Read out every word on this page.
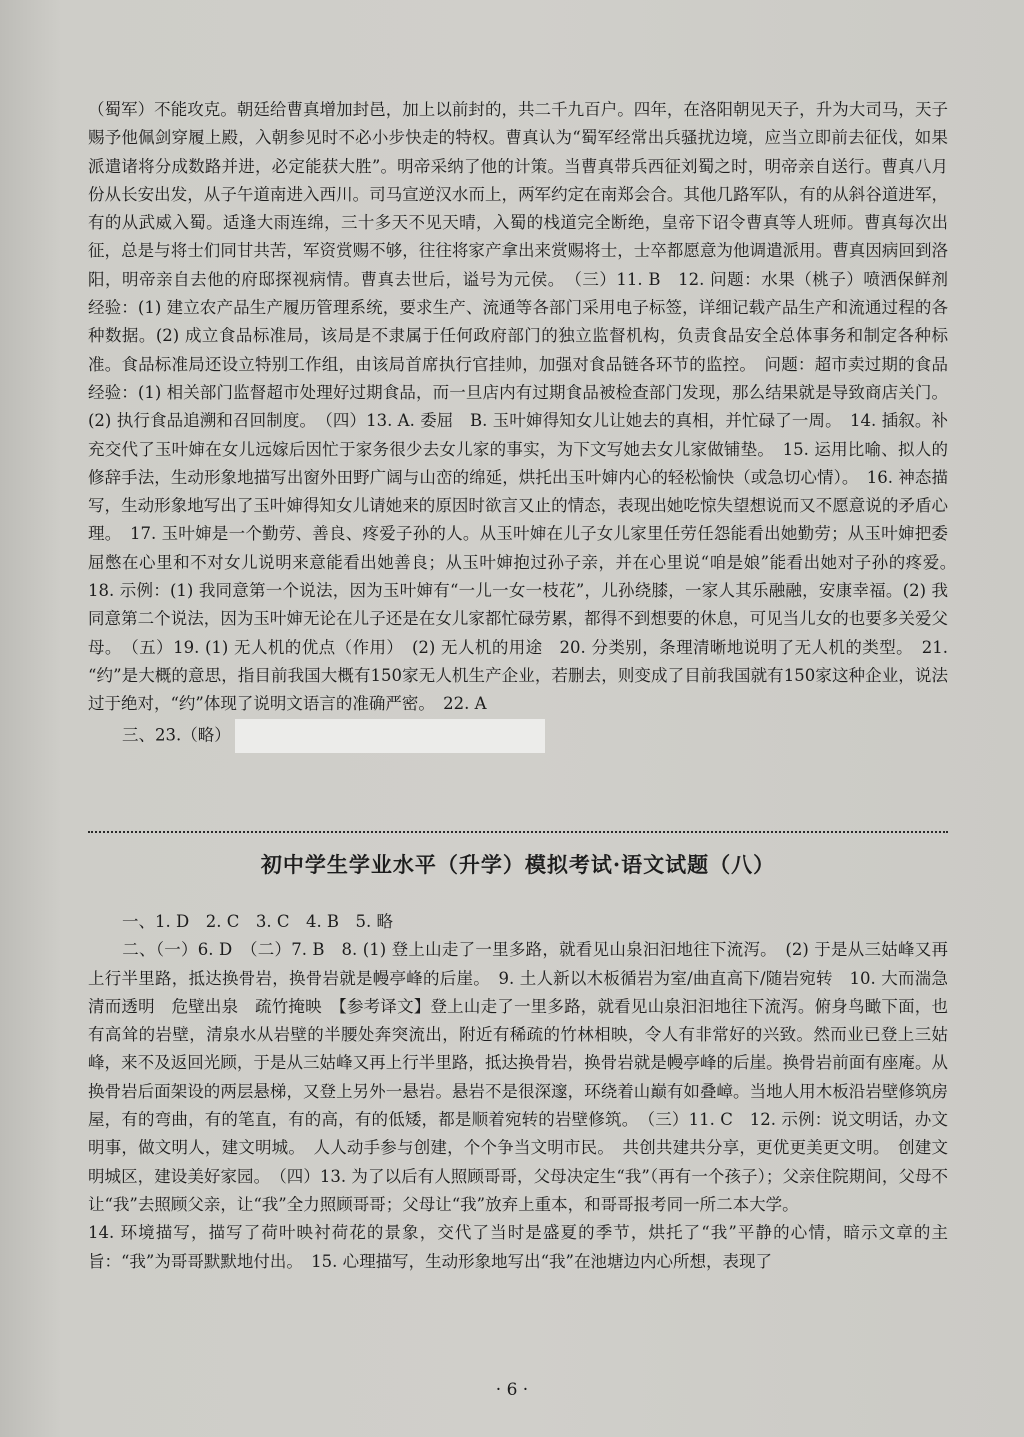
（蜀军）不能攻克。朝廷给曹真增加封邑，加上以前封的，共二千九百户。四年，在洛阳朝见天子，升为大司马，天子赐予他佩剑穿履上殿，入朝参见时不必小步快走的特权。曹真认为“蜀军经常出兵骚扰边境，应当立即前去征伐，如果派遣诸将分成数路并进，必定能获大胜”。明帝采纳了他的计策。当曹真带兵西征刘蜀之时，明帝亲自送行。曹真八月份从长安出发，从子午道南进入西川。司马宣逆汉水而上，两军约定在南郑会合。其他几路军队，有的从斜谷道进军，有的从武威入蜀。适逢大雨连绵，三十多天不见天晴，入蜀的栈道完全断绝，皇帝下诏令曹真等人班师。曹真每次出征，总是与将士们同甘共苦，军资赏赐不够，往往将家产拿出来赏赐将士，士卒都愿意为他调遣派用。曹真因病回到洛阳，明帝亲自去他的府邸探视病情。曹真去世后，谥号为元侯。　（三）11. B　12. 问题：水果（桃子）喷洒保鲜剂　经验：(1) 建立农产品生产履历管理系统，要求生产、流通等各部门采用电子标签，详细记载产品生产和流通过程的各种数据。(2) 成立食品标准局，该局是不隶属于任何政府部门的独立监督机构，负责食品安全总体事务和制定各种标准。食品标准局还设立特别工作组，由该局首席执行官挂帅，加强对食品链各环节的监控。　问题：超市卖过期的食品　经验：(1) 相关部门监督超市处理好过期食品，而一旦店内有过期食品被检查部门发现，那么结果就是导致商店关门。(2) 执行食品追溯和召回制度。　（四）13. A. 委屈　B. 玉叶婶得知女儿让她去的真相，并忙碌了一周。　14. 插叙。补充交代了玉叶婶在女儿远嫁后因忙于家务很少去女儿家的事实，为下文写她去女儿家做铺垫。　15. 运用比喻、拟人的修辞手法，生动形象地描写出窗外田野广阔与山峦的绵延，烘托出玉叶婶内心的轻松愉快（或急切心情）。　16. 神态描写，生动形象地写出了玉叶婶得知女儿请她来的原因时欲言又止的情态，表现出她吃惊失望想说而又不愿意说的矛盾心理。　17. 玉叶婶是一个勤劳、善良、疼爱子孙的人。从玉叶婶在儿子女儿家里任劳任怨能看出她勤劳；从玉叶婶把委屈憋在心里和不对女儿说明来意能看出她善良；从玉叶婶抱过孙子亲，并在心里说“咱是娘”能看出她对子孙的疼爱。　18. 示例：(1) 我同意第一个说法，因为玉叶婶有“一儿一女一枝花”，儿孙绕膝，一家人其乐融融，安康幸福。(2) 我同意第二个说法，因为玉叶婶无论在儿子还是在女儿家都忙碌劳累，都得不到想要的休息，可见当儿女的也要多关爱父母。　（五）19. (1) 无人机的优点（作用）　(2) 无人机的用途　20. 分类别，条理清晰地说明了无人机的类型。　21. “约”是大概的意思，指目前我国大概有150家无人机生产企业，若删去，则变成了目前我国就有150家这种企业，说法过于绝对，“约”体现了说明文语言的准确严密。　22. A

三、23.（略）

初中学生学业水平（升学）模拟考试·语文试题（八）

一、1. D　2. C　3. C　4. B　5. 略

二、（一）6. D　（二）7. B　8. (1) 登上山走了一里多路，就看见山泉汩汩地往下流泻。　(2) 于是从三姑峰又再上行半里路，抵达换骨岩，换骨岩就是幔亭峰的后崖。　9. 土人新以木板循岩为室/曲直高下/随岩宛转　10. 大而湍急　清而透明　危壁出泉　疏竹掩映　【参考译文】登上山走了一里多路，就看见山泉汩汩地往下流泻。俯身鸟瞰下面，也有高耸的岩壁，清泉水从岩壁的半腰处奔突流出，附近有稀疏的竹林相映，令人有非常好的兴致。然而业已登上三姑峰，来不及返回光顾，于是从三姑峰又再上行半里路，抵达换骨岩，换骨岩就是幔亭峰的后崖。换骨岩前面有座庵。从换骨岩后面架设的两层悬梯，又登上另外一悬岩。悬岩不是很深邃，环绕着山巅有如叠嶂。当地人用木板沿岩壁修筑房屋，有的弯曲，有的笔直，有的高，有的低矮，都是顺着宛转的岩壁修筑。　（三）11. C　12. 示例：说文明话，办文明事，做文明人，建文明城。　人人动手参与创建，个个争当文明市民。　共创共建共分享，更优更美更文明。　创建文明城区，建设美好家园。　（四）13. 为了以后有人照顾哥哥，父母决定生“我”（再有一个孩子）；父亲住院期间，父母不让“我”去照顾父亲，让“我”全力照顾哥哥；父母让“我”放弃上重本，和哥哥报考同一所二本大学。

14. 环境描写，描写了荷叶映衬荷花的景象，交代了当时是盛夏的季节，烘托了“我”平静的心情，暗示文章的主旨：“我”为哥哥默默地付出。　15. 心理描写，生动形象地写出“我”在池塘边内心所想，表现了

· 6 ·
